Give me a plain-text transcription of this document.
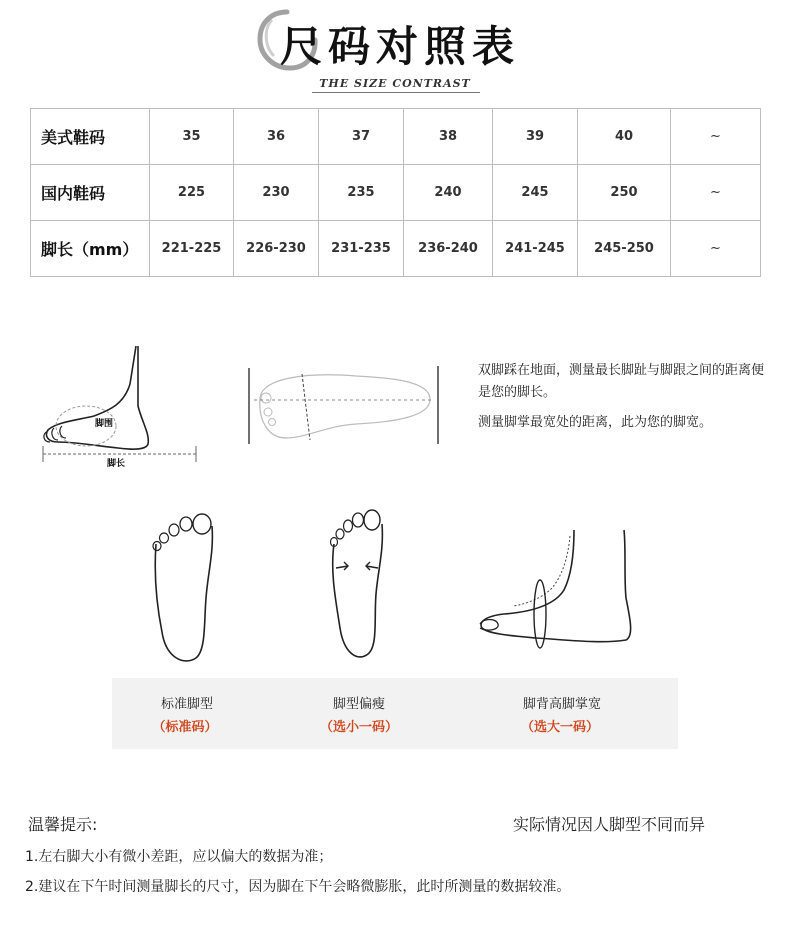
尺码对照表
THE SIZE CONTRAST
美式鞋码	35	36	37	38	39	40	~
国内鞋码	225	230	235	240	245	250	~
脚长（mm）	221-225	226-230	231-235	236-240	241-245	245-250	~
脚围
脚长

双脚踩在地面，测量最长脚趾与脚跟之间的距离便是您的脚长。

测量脚掌最宽处的距离，此为您的脚宽。

标准脚型
（标准码）
脚型偏瘦
（选小一码）
脚背高脚掌宽
（选大一码）
温馨提示:	实际情况因人脚型不同而异
1.左右脚大小有微小差距，应以偏大的数据为准；
2.建议在下午时间测量脚长的尺寸，因为脚在下午会略微膨胀，此时所测量的数据较准。
